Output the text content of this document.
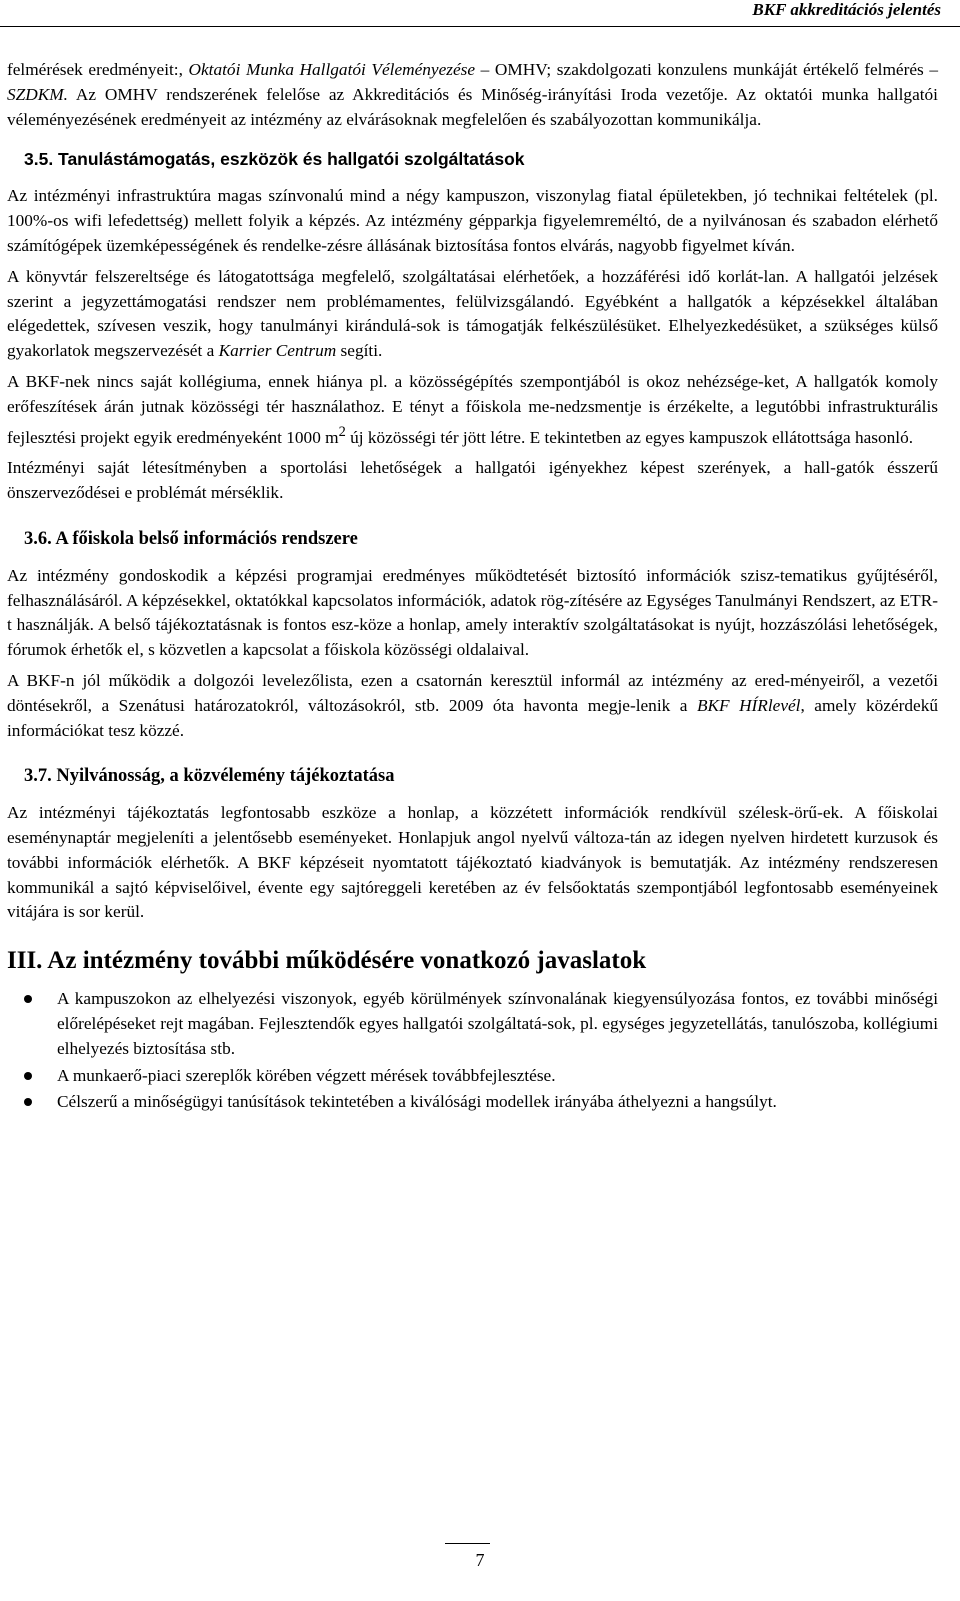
BKF akkreditációs jelentés

felmérések eredményeit:, Oktatói Munka Hallgatói Véleményezése – OMHV; szakdolgozati konzulens munkáját értékelő felmérés – SZDKM. Az OMHV rendszerének felelőse az Akkreditációs és Minőség-irányítási Iroda vezetője. Az oktatói munka hallgatói véleményezésének eredményeit az intézmény az elvárásoknak megfelelően és szabályozottan kommunikálja.

3.5. Tanulástámogatás, eszközök és hallgatói szolgáltatások

Az intézményi infrastruktúra magas színvonalú mind a négy kampuszon, viszonylag fiatal épületekben, jó technikai feltételek (pl. 100%-os wifi lefedettség) mellett folyik a képzés. Az intézmény gépparkja figyelemreméltó, de a nyilvánosan és szabadon elérhető számítógépek üzemképességének és rendelke-zésre állásának biztosítása fontos elvárás, nagyobb figyelmet kíván.

A könyvtár felszereltsége és látogatottsága megfelelő, szolgáltatásai elérhetőek, a hozzáférési idő korlát-lan. A hallgatói jelzések szerint a jegyzettámogatási rendszer nem problémamentes, felülvizsgálandó. Egyébként a hallgatók a képzésekkel általában elégedettek, szívesen veszik, hogy tanulmányi kirándulá-sok is támogatják felkészülésüket. Elhelyezkedésüket, a szükséges külső gyakorlatok megszervezését a Karrier Centrum segíti.

A BKF-nek nincs saját kollégiuma, ennek hiánya pl. a közösségépítés szempontjából is okoz nehézsége-ket, A hallgatók komoly erőfeszítések árán jutnak közösségi tér használathoz. E tényt a főiskola me-nedzsmentje is érzékelte, a legutóbbi infrastrukturális fejlesztési projekt egyik eredményeként 1000 $m^2$ új közösségi tér jött létre. E tekintetben az egyes kampuszok ellátottsága hasonló.

Intézményi saját létesítményben a sportolási lehetőségek a hallgatói igényekhez képest szerények, a hall-gatók ésszerű önszerveződései e problémát mérséklik.

3.6. A főiskola belső információs rendszere

Az intézmény gondoskodik a képzési programjai eredményes működtetését biztosító információk szisz-tematikus gyűjtéséről, felhasználásáról. A képzésekkel, oktatókkal kapcsolatos információk, adatok rög-zítésére az Egységes Tanulmányi Rendszert, az ETR-t használják. A belső tájékoztatásnak is fontos esz-köze a honlap, amely interaktív szolgáltatásokat is nyújt, hozzászólási lehetőségek, fórumok érhetők el, s közvetlen a kapcsolat a főiskola közösségi oldalaival.

A BKF-n jól működik a dolgozói levelezőlista, ezen a csatornán keresztül informál az intézmény az ered-ményeiről, a vezetői döntésekről, a Szenátusi határozatokról, változásokról, stb. 2009 óta havonta megje-lenik a BKF HÍRlevél, amely közérdekű információkat tesz közzé.

3.7. Nyilvánosság, a közvélemény tájékoztatása

Az intézményi tájékoztatás legfontosabb eszköze a honlap, a közzétett információk rendkívül szélesk-örű-ek. A főiskolai eseménynaptár megjeleníti a jelentősebb eseményeket. Honlapjuk angol nyelvű változa-tán az idegen nyelven hirdetett kurzusok és további információk elérhetők. A BKF képzéseit nyomtatott tájékoztató kiadványok is bemutatják. Az intézmény rendszeresen kommunikál a sajtó képviselőivel, évente egy sajtóreggeli keretében az év felsőoktatás szempontjából legfontosabb eseményeinek vitájára is sor kerül.

III. Az intézmény további működésére vonatkozó javaslatok
A kampuszokon az elhelyezési viszonyok, egyéb körülmények színvonalának kiegyensúlyozása fontos, ez további minőségi előrelépéseket rejt magában. Fejlesztendők egyes hallgatói szolgáltatá-sok, pl. egységes jegyzetellátás, tanulószoba, kollégiumi elhelyezés biztosítása stb.
A munkaerő-piaci szereplők körében végzett mérések továbbfejlesztése.
Célszerű a minőségügyi tanúsítások tekintetében a kiválósági modellek irányába áthelyezni a hangsúlyt.
7
